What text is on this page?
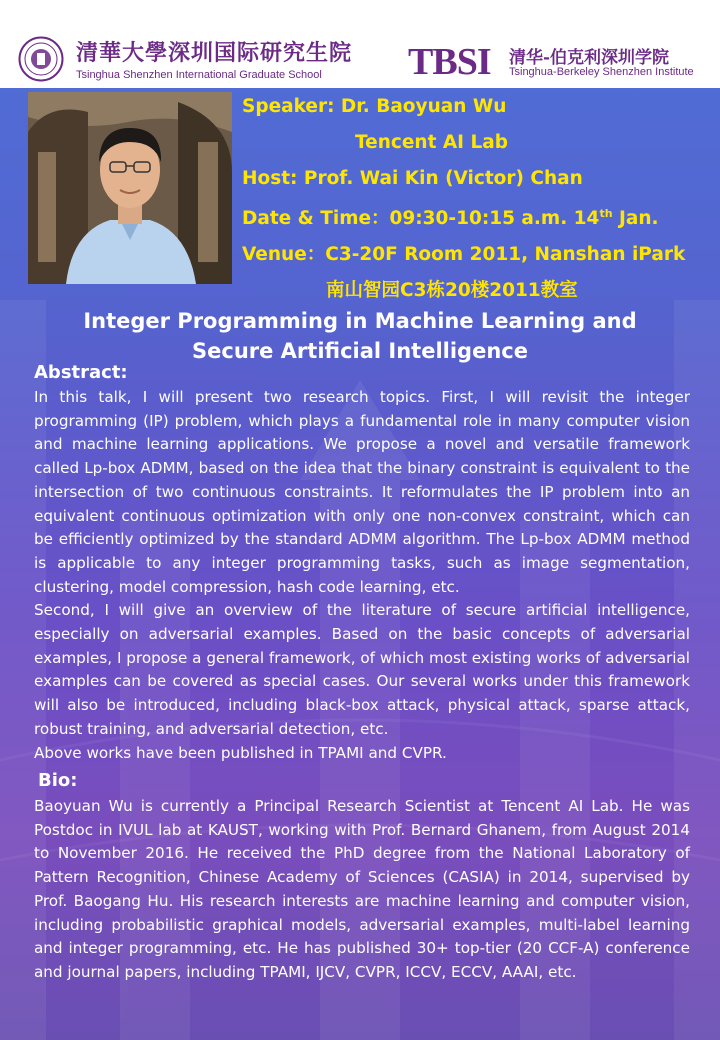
清華大學深圳国际研究生院
Tsinghua Shenzhen International Graduate School TBSI 清华-伯克利深圳学院
Tsinghua-Berkeley Shenzhen Institute
Speaker: Dr. Baoyuan Wu
Tencent AI Lab
Host: Prof. Wai Kin (Victor) Chan
Date & Time：09:30-10:15 a.m. 14th Jan.
Venue：C3-20F Room 2011, Nanshan iPark
南山智园C3栋20楼2011教室
Integer Programming in Machine Learning and
Secure Artificial Intelligence
Abstract:

In this talk, I will present two research topics. First, I will revisit the integer programming (IP) problem, which plays a fundamental role in many computer vision and machine learning applications. We propose a novel and versatile framework called Lp-box ADMM, based on the idea that the binary constraint is equivalent to the intersection of two continuous constraints. It reformulates the IP problem into an equivalent continuous optimization with only one non-convex constraint, which can be efficiently optimized by the standard ADMM algorithm. The Lp-box ADMM method is applicable to any integer programming tasks, such as image segmentation, clustering, model compression, hash code learning, etc.

Second, I will give an overview of the literature of secure artificial intelligence, especially on adversarial examples. Based on the basic concepts of adversarial examples, I propose a general framework, of which most existing works of adversarial examples can be covered as special cases. Our several works under this framework will also be introduced, including black-box attack, physical attack, sparse attack, robust training, and adversarial detection, etc.

Above works have been published in TPAMI and CVPR.

Bio:

Baoyuan Wu is currently a Principal Research Scientist at Tencent AI Lab. He was Postdoc in IVUL lab at KAUST, working with Prof. Bernard Ghanem, from August 2014 to November 2016. He received the PhD degree from the National Laboratory of Pattern Recognition, Chinese Academy of Sciences (CASIA) in 2014, supervised by Prof. Baogang Hu. His research interests are machine learning and computer vision, including probabilistic graphical models, adversarial examples, multi-label learning and integer programming, etc. He has published 30+ top-tier (20 CCF-A) conference and journal papers, including TPAMI, IJCV, CVPR, ICCV, ECCV, AAAI, etc.
